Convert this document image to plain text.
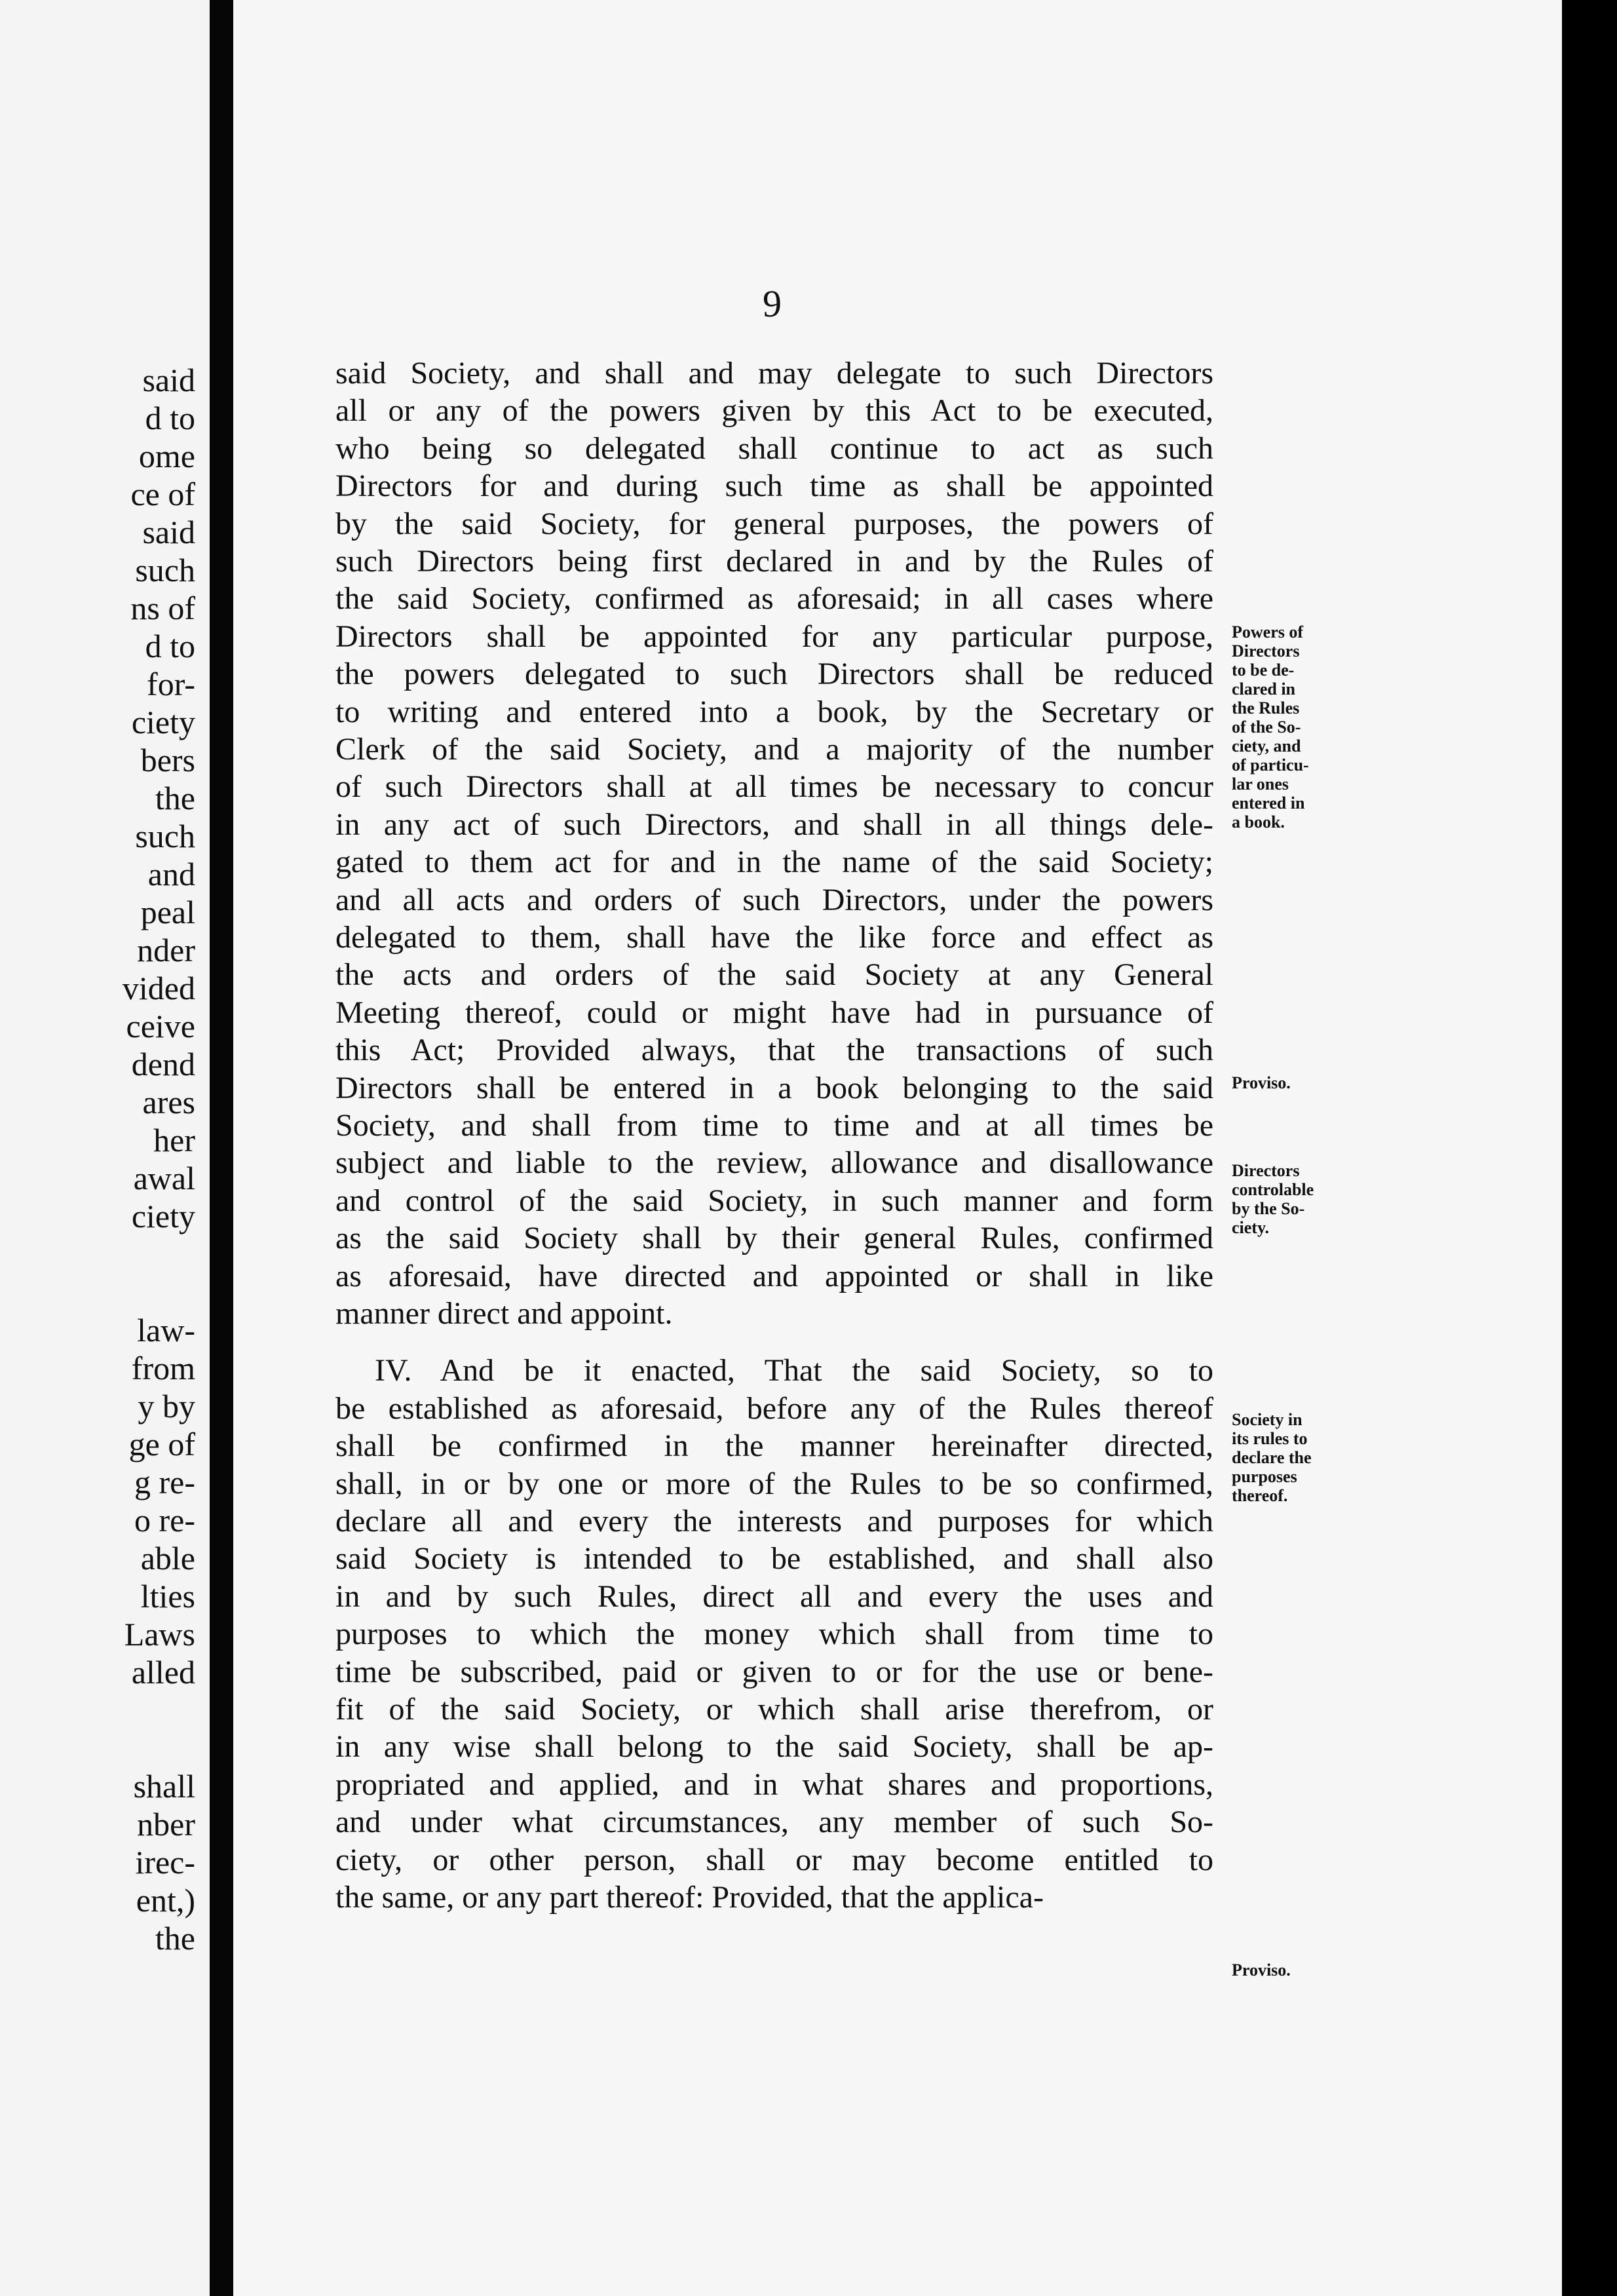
said
d to
ome
ce of
said
such
ns of
d to
for-
ciety
bers
the
such
and
peal
nder
vided
ceive
dend
ares
her
awal
ciety
law-
from
y by
ge of
g re-
o re-
able
lties
Laws
alled
shall
nber
irec-
ent,)
the
9
said Society, and shall and may delegate to such Directors
all or any of the powers given by this Act to be executed,
who being so delegated shall continue to act as such
Directors for and during such time as shall be appointed
by the said Society, for general purposes, the powers of
such Directors being first declared in and by the Rules of
the said Society, confirmed as aforesaid; in all cases where
Directors shall be appointed for any particular purpose,
the powers delegated to such Directors shall be reduced
to writing and entered into a book, by the Secretary or
Clerk of the said Society, and a majority of the number
of such Directors shall at all times be necessary to concur
in any act of such Directors, and shall in all things dele-
gated to them act for and in the name of the said Society;
and all acts and orders of such Directors, under the powers
delegated to them, shall have the like force and effect as
the acts and orders of the said Society at any General
Meeting thereof, could or might have had in pursuance of
this Act; Provided always, that the transactions of such
Directors shall be entered in a book belonging to the said
Society, and shall from time to time and at all times be
subject and liable to the review, allowance and disallowance
and control of the said Society, in such manner and form
as the said Society shall by their general Rules, confirmed
as aforesaid, have directed and appointed or shall in like
manner direct and appoint.
IV. And be it enacted, That the said Society, so to
be established as aforesaid, before any of the Rules thereof
shall be confirmed in the manner hereinafter directed,
shall, in or by one or more of the Rules to be so confirmed,
declare all and every the interests and purposes for which
said Society is intended to be established, and shall also
in and by such Rules, direct all and every the uses and
purposes to which the money which shall from time to
time be subscribed, paid or given to or for the use or bene-
fit of the said Society, or which shall arise therefrom, or
in any wise shall belong to the said Society, shall be ap-
propriated and applied, and in what shares and proportions,
and under what circumstances, any member of such So-
ciety, or other person, shall or may become entitled to
the same, or any part thereof: Provided, that the applica-
Powers of
Directors
to be de-
clared in
the Rules
of the So-
ciety, and
of particu-
lar ones
entered in
a book.
Proviso.
Directors
controlable
by the So-
ciety.
Society in
its rules to
declare the
purposes
thereof.
Proviso.
